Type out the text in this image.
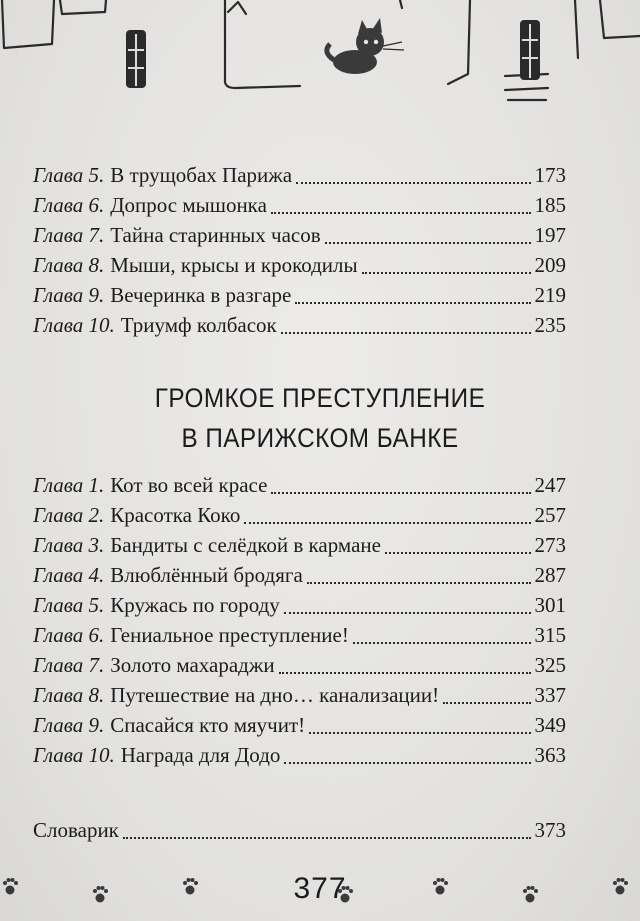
Глава 5. В трущобах Парижа	173
Глава 6. Допрос мышонка	185
Глава 7. Тайна старинных часов	197
Глава 8. Мыши, крысы и крокодилы	209
Глава 9. Вечеринка в разгаре	219
Глава 10. Триумф колбасок	235
ГРОМКОЕ ПРЕСТУПЛЕНИЕ
В ПАРИЖСКОМ БАНКЕ
Глава 1. Кот во всей красе	247
Глава 2. Красотка Коко	257
Глава 3. Бандиты с селёдкой в кармане	273
Глава 4. Влюблённый бродяга	287
Глава 5. Кружась по городу	301
Глава 6. Гениальное преступление!	315
Глава 7. Золото махараджи	325
Глава 8. Путешествие на дно… канализации!	337
Глава 9. Спасайся кто мяучит!	349
Глава 10. Награда для Додо	363
Словарик	373
377
